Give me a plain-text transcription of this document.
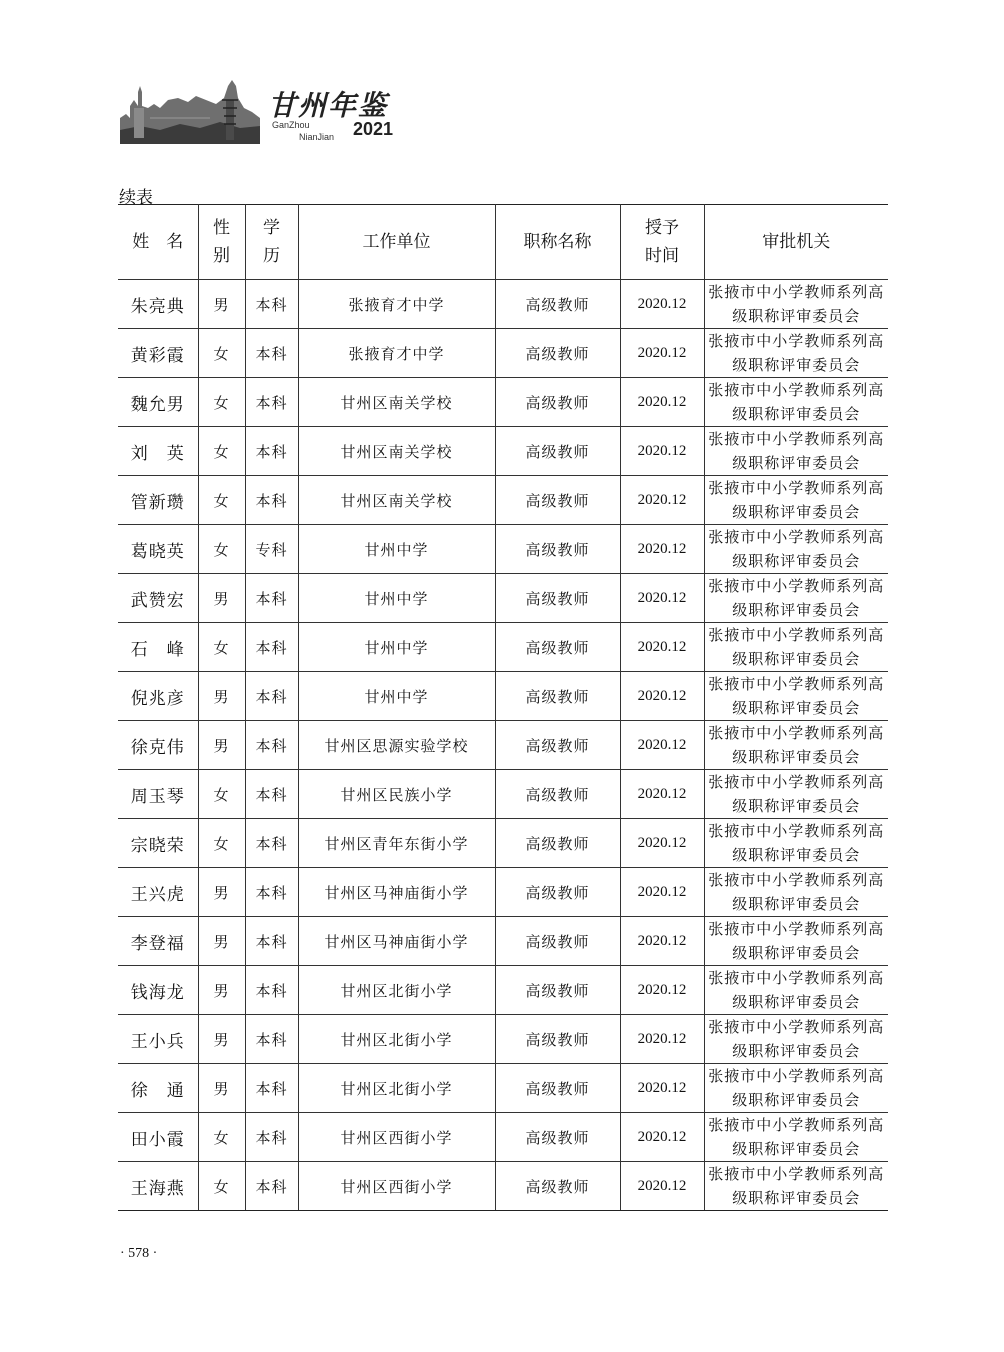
甘州年鉴
GanZhou
NianJian 2021
续表
姓　名	性别	学历	工作单位	职称名称	授予时间	审批机关
朱亮典	男	本科	张掖育才中学	高级教师	2020.12	张掖市中小学教师系列高级职称评审委员会
黄彩霞	女	本科	张掖育才中学	高级教师	2020.12	张掖市中小学教师系列高级职称评审委员会
魏允男	女	本科	甘州区南关学校	高级教师	2020.12	张掖市中小学教师系列高级职称评审委员会
刘　英	女	本科	甘州区南关学校	高级教师	2020.12	张掖市中小学教师系列高级职称评审委员会
管新瓒	女	本科	甘州区南关学校	高级教师	2020.12	张掖市中小学教师系列高级职称评审委员会
葛晓英	女	专科	甘州中学	高级教师	2020.12	张掖市中小学教师系列高级职称评审委员会
武赞宏	男	本科	甘州中学	高级教师	2020.12	张掖市中小学教师系列高级职称评审委员会
石　峰	女	本科	甘州中学	高级教师	2020.12	张掖市中小学教师系列高级职称评审委员会
倪兆彦	男	本科	甘州中学	高级教师	2020.12	张掖市中小学教师系列高级职称评审委员会
徐克伟	男	本科	甘州区思源实验学校	高级教师	2020.12	张掖市中小学教师系列高级职称评审委员会
周玉琴	女	本科	甘州区民族小学	高级教师	2020.12	张掖市中小学教师系列高级职称评审委员会
宗晓荣	女	本科	甘州区青年东街小学	高级教师	2020.12	张掖市中小学教师系列高级职称评审委员会
王兴虎	男	本科	甘州区马神庙街小学	高级教师	2020.12	张掖市中小学教师系列高级职称评审委员会
李登福	男	本科	甘州区马神庙街小学	高级教师	2020.12	张掖市中小学教师系列高级职称评审委员会
钱海龙	男	本科	甘州区北街小学	高级教师	2020.12	张掖市中小学教师系列高级职称评审委员会
王小兵	男	本科	甘州区北街小学	高级教师	2020.12	张掖市中小学教师系列高级职称评审委员会
徐　通	男	本科	甘州区北街小学	高级教师	2020.12	张掖市中小学教师系列高级职称评审委员会
田小霞	女	本科	甘州区西街小学	高级教师	2020.12	张掖市中小学教师系列高级职称评审委员会
王海燕	女	本科	甘州区西街小学	高级教师	2020.12	张掖市中小学教师系列高级职称评审委员会
· 578 ·
